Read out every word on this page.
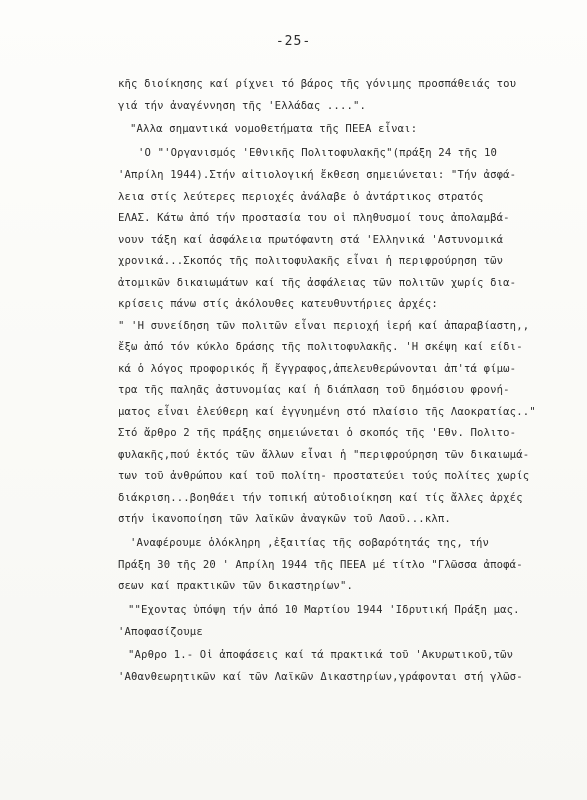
-25-
κῆς διοίκησης καί ρίχνει τό βάρος τῆς γόνιμης προσπάθειάς του
γιά τήν ἀναγέννηση τῆς 'Ελλάδας ....".
"Αλλα σημαντικά νομοθετήματα τῆς ΠΕΕΑ εἶναι:
'Ο "'Οργανισμός 'Εθνικῆς Πολιτοφυλακῆς"(πράξη 24 τῆς 10
'Απρίλη 1944).Στήν αἰτιολογική ἔκθεση σημειώνεται: "Τήν ἀσφά-
λεια στίς λεύτερες περιοχές ἀνάλαβε ὁ ἀντάρτικος στρατός
ΕΛΑΣ. Κάτω ἀπό τήν προστασία του οἱ πληθυσμοί τους ἀπολαμβά-
νουν τάξη καί ἀσφάλεια πρωτόφαντη στά 'Ελληνικά 'Αστυνομικά
χρονικά...Σκοπός τῆς πολιτοφυλακῆς εἶναι ἡ περιφρούρηση τῶν
ἀτομικῶν δικαιωμάτων καί τῆς ἀσφάλειας τῶν πολιτῶν χωρίς δια-
κρίσεις πάνω στίς ἀκόλουθες κατευθυντήριες ἀρχές:
" 'Η συνείδηση τῶν πολιτῶν εἶναι περιοχή ἱερή καί ἀπαραβίαστη,,
ἔξω ἀπό τόν κύκλο δράσης τῆς πολιτοφυλακῆς. 'Η σκέψη καί είδι-
κά ὁ λόγος προφορικός ἤ ἔγγραφος,ἀπελευθερώνονται ἀπ'τά φίμω-
τρα τῆς παληᾶς ἀστυνομίας καί ἡ διάπλαση τοῦ δημόσιου φρονή-
ματος εἶναι ἐλεύθερη καί ἐγγυημένη στό πλαίσιο τῆς Λαοκρατίας.."
Στό ἄρθρο 2 τῆς πράξης σημειώνεται ὁ σκοπός τῆς 'Εθν. Πολιτο-
φυλακῆς,πού ἐκτός τῶν ἄλλων εἶναι ἡ "περιφρούρηση τῶν δικαιωμά-
των τοῦ ἀνθρώπου καί τοῦ πολίτη- προστατεύει τούς πολίτες χωρίς
διάκριση...βοηθάει τήν τοπική αὐτοδιοίκηση καί τίς ἄλλες ἀρχές
στήν ἱκανοποίηση τῶν λαϊκῶν ἀναγκῶν τοῦ Λαοῦ...κλπ.
'Αναφέρουμε ὁλόκληρη ,ἐξαιτίας τῆς σοβαρότητάς της, τήν
Πράξη 30 τῆς 20 ' Απρίλη 1944 τῆς ΠΕΕΑ μέ τίτλο "Γλῶσσα ἀποφά-
σεων καί πρακτικῶν τῶν δικαστηρίων".
""Εχοντας ὑπόψη τήν ἀπό 10 Μαρτίου 1944 'Ιδρυτική Πράξη μας.
'Αποφασίζουμε
"Αρθρο 1.- Οἱ ἀποφάσεις καί τά πρακτικά τοῦ 'Ακυρωτικοῦ,τῶν
'Αθανθεωρητικῶν καί τῶν Λαϊκῶν Δικαστηρίων,γράφονται στή γλῶσ-
